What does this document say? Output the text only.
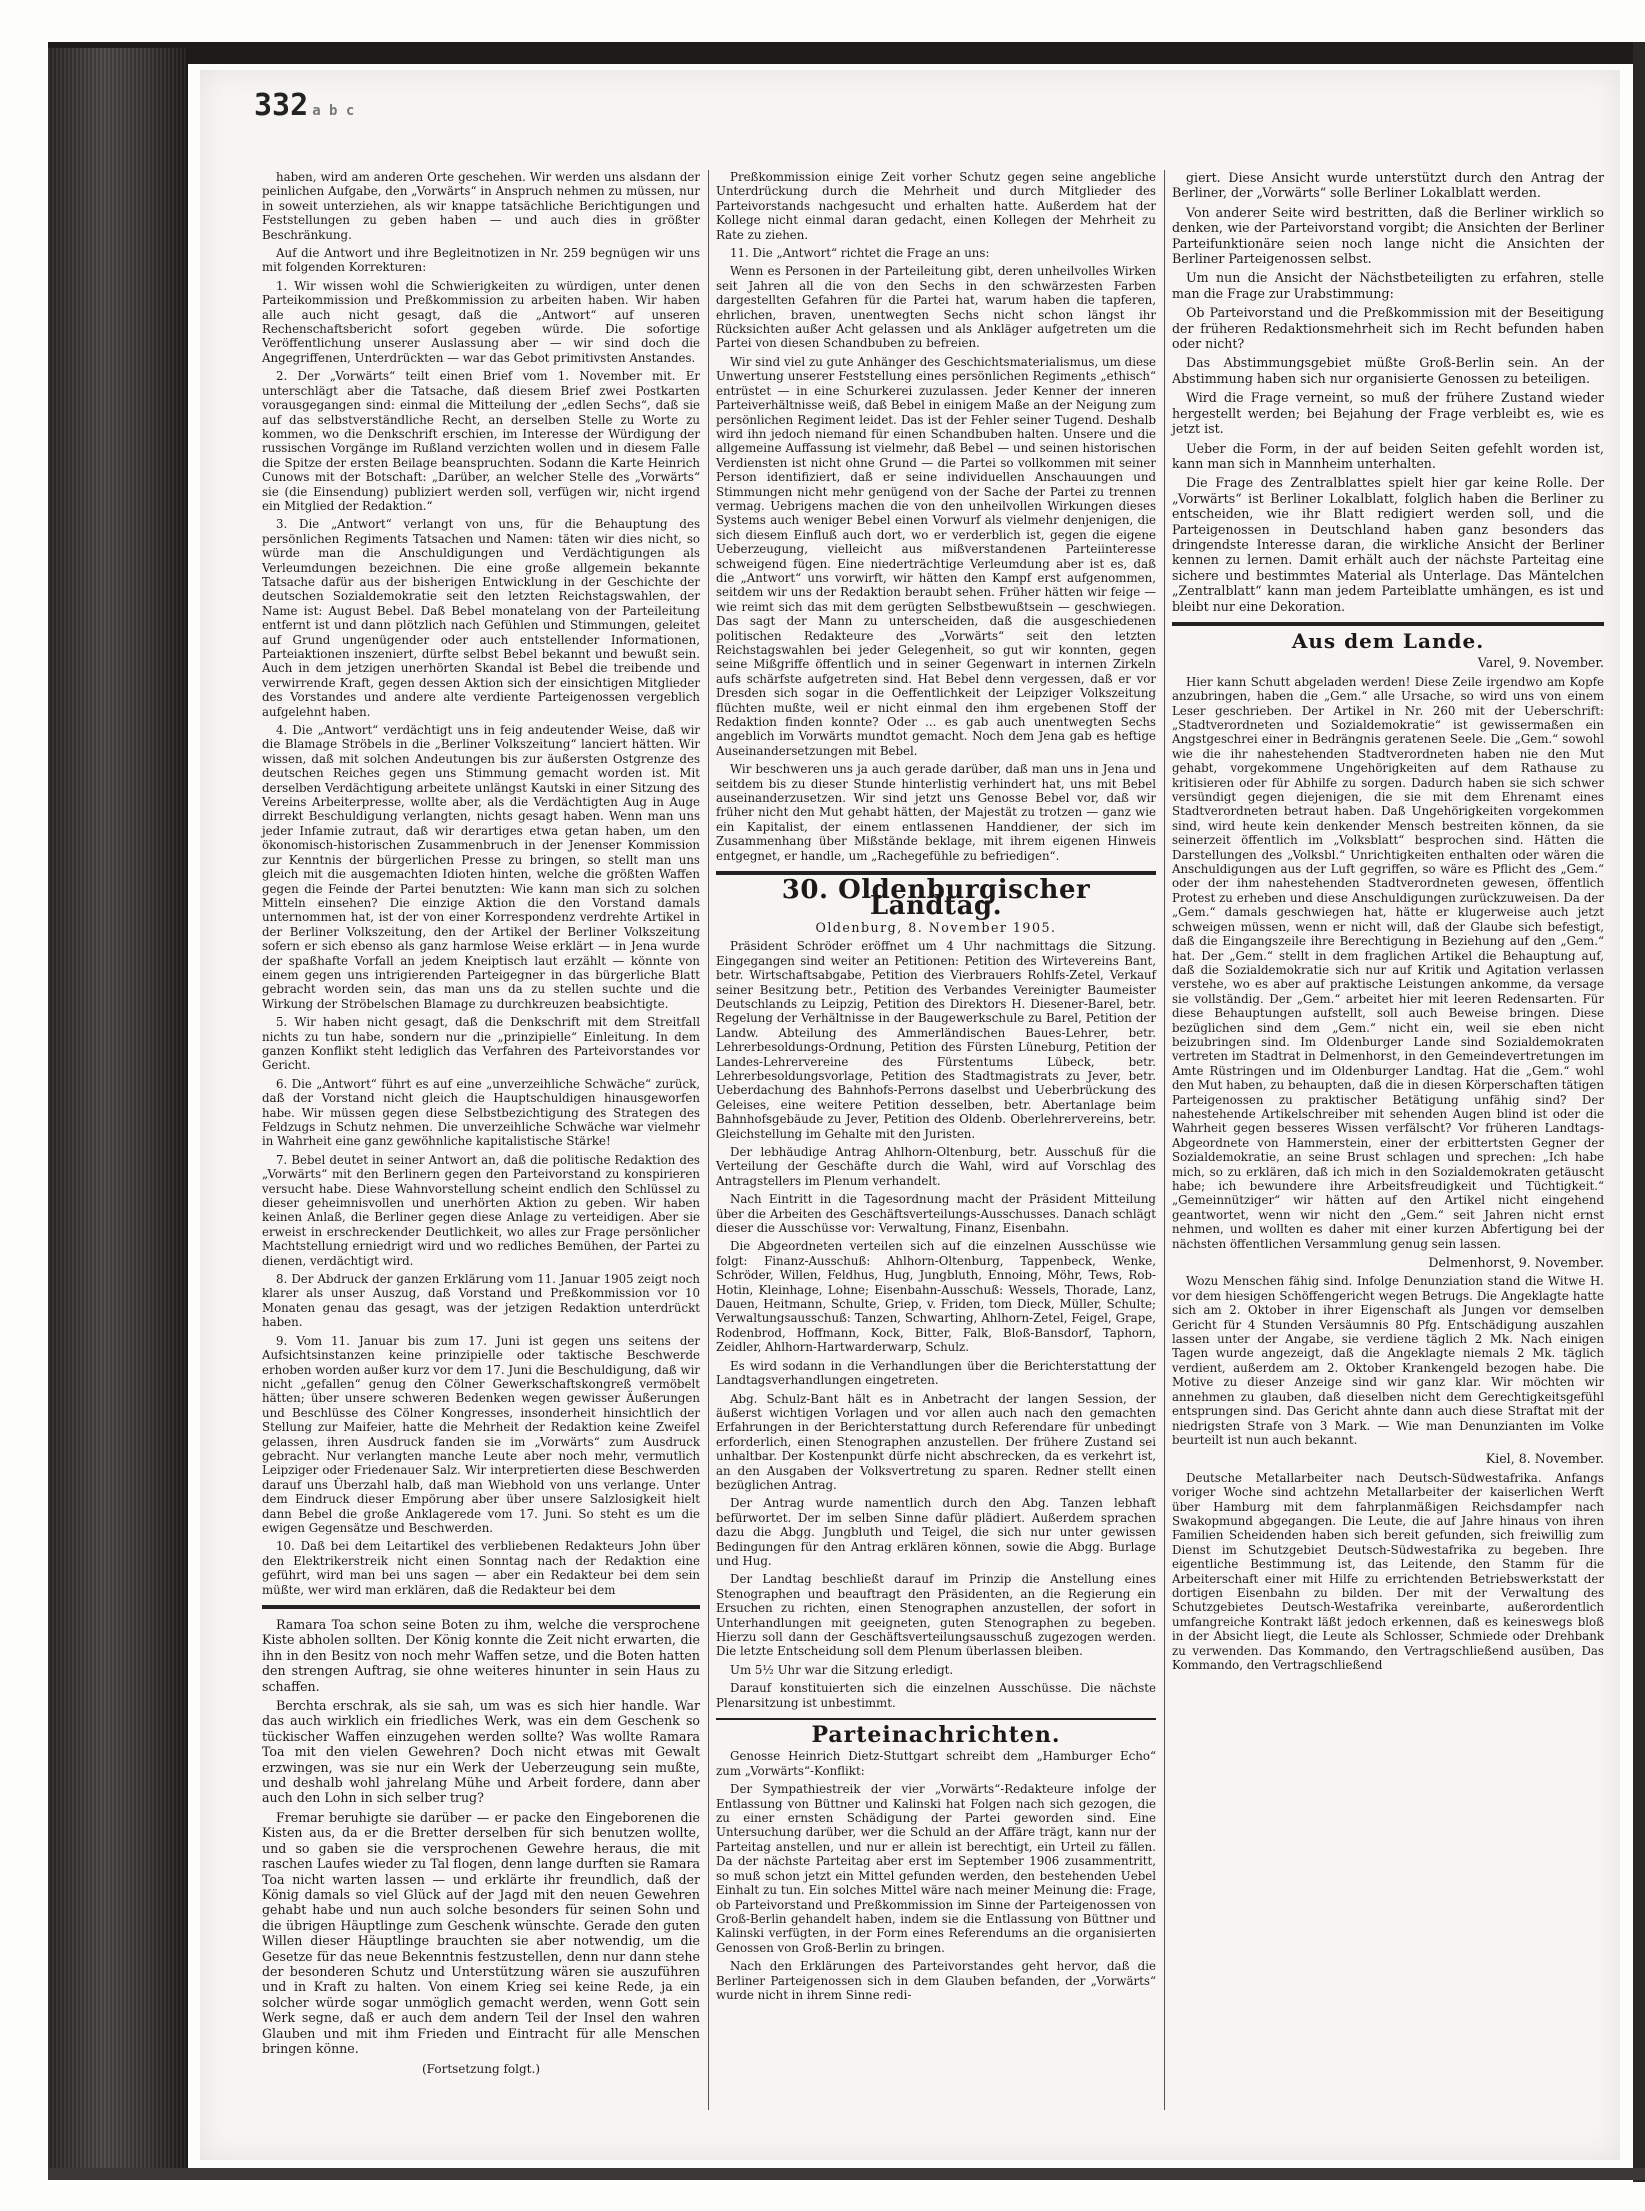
332 a b c

haben, wird am anderen Orte geschehen. Wir werden uns alsdann der peinlichen Aufgabe, den „Vorwärts“ in Anspruch nehmen zu müssen, nur in soweit unterziehen, als wir knappe tatsächliche Berichtigungen und Feststellungen zu geben haben — und auch dies in größter Beschränkung.

Auf die Antwort und ihre Begleitnotizen in Nr. 259 begnügen wir uns mit folgenden Korrekturen:

1. Wir wissen wohl die Schwierigkeiten zu würdigen, unter denen Parteikommission und Preßkommission zu arbeiten haben. Wir haben alle auch nicht gesagt, daß die „Antwort“ auf unseren Rechenschaftsbericht sofort gegeben würde. Die sofortige Veröffentlichung unserer Auslassung aber — wir sind doch die Angegriffenen, Unterdrückten — war das Gebot primitivsten Anstandes.

2. Der „Vorwärts“ teilt einen Brief vom 1. November mit. Er unterschlägt aber die Tatsache, daß diesem Brief zwei Postkarten vorausgegangen sind: einmal die Mitteilung der „edlen Sechs“, daß sie auf das selbstverständliche Recht, an derselben Stelle zu Worte zu kommen, wo die Denkschrift erschien, im Interesse der Würdigung der russischen Vorgänge im Rußland verzichten wollen und in diesem Falle die Spitze der ersten Beilage beanspruchten. Sodann die Karte Heinrich Cunows mit der Botschaft: „Darüber, an welcher Stelle des „Vorwärts“ sie (die Einsendung) publiziert werden soll, verfügen wir, nicht irgend ein Mitglied der Redaktion.“

3. Die „Antwort“ verlangt von uns, für die Behauptung des persönlichen Regiments Tatsachen und Namen: täten wir dies nicht, so würde man die Anschuldigungen und Verdächtigungen als Verleumdungen bezeichnen. Die eine große allgemein bekannte Tatsache dafür aus der bisherigen Entwicklung in der Geschichte der deutschen Sozialdemokratie seit den letzten Reichstagswahlen, der Name ist: August Bebel. Daß Bebel monatelang von der Parteileitung entfernt ist und dann plötzlich nach Gefühlen und Stimmungen, geleitet auf Grund ungenügender oder auch entstellender Informationen, Parteiaktionen inszeniert, dürfte selbst Bebel bekannt und bewußt sein. Auch in dem jetzigen unerhörten Skandal ist Bebel die treibende und verwirrende Kraft, gegen dessen Aktion sich der einsichtigen Mitglieder des Vorstandes und andere alte verdiente Parteigenossen vergeblich aufgelehnt haben.

4. Die „Antwort“ verdächtigt uns in feig andeutender Weise, daß wir die Blamage Ströbels in die „Berliner Volkszeitung“ lanciert hätten. Wir wissen, daß mit solchen Andeutungen bis zur äußersten Ostgrenze des deutschen Reiches gegen uns Stimmung gemacht worden ist. Mit derselben Verdächtigung arbeitete unlängst Kautski in einer Sitzung des Vereins Arbeiterpresse, wollte aber, als die Verdächtigten Aug in Auge dirrekt Beschuldigung verlangten, nichts gesagt haben. Wenn man uns jeder Infamie zutraut, daß wir derartiges etwa getan haben, um den ökonomisch-historischen Zusammenbruch in der Jenenser Kommission zur Kenntnis der bürgerlichen Presse zu bringen, so stellt man uns gleich mit die ausgemachten Idioten hinten, welche die größten Waffen gegen die Feinde der Partei benutzten: Wie kann man sich zu solchen Mitteln einsehen? Die einzige Aktion die den Vorstand damals unternommen hat, ist der von einer Korrespondenz verdrehte Artikel in der Berliner Volkszeitung, den der Artikel der Berliner Volkszeitung sofern er sich ebenso als ganz harmlose Weise erklärt — in Jena wurde der spaßhafte Vorfall an jedem Kneiptisch laut erzählt — könnte von einem gegen uns intrigierenden Parteigegner in das bürgerliche Blatt gebracht worden sein, das man uns da zu stellen suchte und die Wirkung der Ströbelschen Blamage zu durchkreuzen beabsichtigte.

5. Wir haben nicht gesagt, daß die Denkschrift mit dem Streitfall nichts zu tun habe, sondern nur die „prinzipielle“ Einleitung. In dem ganzen Konflikt steht lediglich das Verfahren des Parteivorstandes vor Gericht.

6. Die „Antwort“ führt es auf eine „unverzeihliche Schwäche“ zurück, daß der Vorstand nicht gleich die Hauptschuldigen hinausgeworfen habe. Wir müssen gegen diese Selbstbezichtigung des Strategen des Feldzugs in Schutz nehmen. Die unverzeihliche Schwäche war vielmehr in Wahrheit eine ganz gewöhnliche kapitalistische Stärke!

7. Bebel deutet in seiner Antwort an, daß die politische Redaktion des „Vorwärts“ mit den Berlinern gegen den Parteivorstand zu konspirieren versucht habe. Diese Wahnvorstellung scheint endlich den Schlüssel zu dieser geheimnisvollen und unerhörten Aktion zu geben. Wir haben keinen Anlaß, die Berliner gegen diese Anlage zu verteidigen. Aber sie erweist in erschreckender Deutlichkeit, wo alles zur Frage persönlicher Machtstellung erniedrigt wird und wo redliches Bemühen, der Partei zu dienen, verdächtigt wird.

8. Der Abdruck der ganzen Erklärung vom 11. Januar 1905 zeigt noch klarer als unser Auszug, daß Vorstand und Preßkommission vor 10 Monaten genau das gesagt, was der jetzigen Redaktion unterdrückt haben.

9. Vom 11. Januar bis zum 17. Juni ist gegen uns seitens der Aufsichtsinstanzen keine prinzipielle oder taktische Beschwerde erhoben worden außer kurz vor dem 17. Juni die Beschuldigung, daß wir nicht „gefallen“ genug den Cölner Gewerkschaftskongreß vermöbelt hätten; über unsere schweren Bedenken wegen gewisser Äußerungen und Beschlüsse des Cölner Kongresses, insonderheit hinsichtlich der Stellung zur Maifeier, hatte die Mehrheit der Redaktion keine Zweifel gelassen, ihren Ausdruck fanden sie im „Vorwärts“ zum Ausdruck gebracht. Nur verlangten manche Leute aber noch mehr, vermutlich Leipziger oder Friedenauer Salz. Wir interpretierten diese Beschwerden darauf uns Überzahl halb, daß man Wiebhold von uns verlange. Unter dem Eindruck dieser Empörung aber über unsere Salzlosigkeit hielt dann Bebel die große Anklagerede vom 17. Juni. So steht es um die ewigen Gegensätze und Beschwerden.

10. Daß bei dem Leitartikel des verbliebenen Redakteurs John über den Elektrikerstreik nicht einen Sonntag nach der Redaktion eine geführt, wird man bei uns sagen — aber ein Redakteur bei dem sein müßte, wer wird man erklären, daß die Redakteur bei dem

Ramara Toa schon seine Boten zu ihm, welche die versprochene Kiste abholen sollten. Der König konnte die Zeit nicht erwarten, die ihn in den Besitz von noch mehr Waffen setze, und die Boten hatten den strengen Auftrag, sie ohne weiteres hinunter in sein Haus zu schaffen.

Berchta erschrak, als sie sah, um was es sich hier handle. War das auch wirklich ein friedliches Werk, was ein dem Geschenk so tückischer Waffen einzugehen werden sollte? Was wollte Ramara Toa mit den vielen Gewehren? Doch nicht etwas mit Gewalt erzwingen, was sie nur ein Werk der Ueberzeugung sein mußte, und deshalb wohl jahrelang Mühe und Arbeit fordere, dann aber auch den Lohn in sich selber trug?

Fremar beruhigte sie darüber — er packe den Eingeborenen die Kisten aus, da er die Bretter derselben für sich benutzen wollte, und so gaben sie die versprochenen Gewehre heraus, die mit raschen Laufes wieder zu Tal flogen, denn lange durften sie Ramara Toa nicht warten lassen — und erklärte ihr freundlich, daß der König damals so viel Glück auf der Jagd mit den neuen Gewehren gehabt habe und nun auch solche besonders für seinen Sohn und die übrigen Häuptlinge zum Geschenk wünschte. Gerade den guten Willen dieser Häuptlinge brauchten sie aber notwendig, um die Gesetze für das neue Bekenntnis festzustellen, denn nur dann stehe der besonderen Schutz und Unterstützung wären sie auszuführen und in Kraft zu halten. Von einem Krieg sei keine Rede, ja ein solcher würde sogar unmöglich gemacht werden, wenn Gott sein Werk segne, daß er auch dem andern Teil der Insel den wahren Glauben und mit ihm Frieden und Eintracht für alle Menschen bringen könne.

(Fortsetzung folgt.)

Preßkommission einige Zeit vorher Schutz gegen seine angebliche Unterdrückung durch die Mehrheit und durch Mitglieder des Parteivorstands nachgesucht und erhalten hatte. Außerdem hat der Kollege nicht einmal daran gedacht, einen Kollegen der Mehrheit zu Rate zu ziehen.

11. Die „Antwort“ richtet die Frage an uns:

Wenn es Personen in der Parteileitung gibt, deren unheilvolles Wirken seit Jahren all die von den Sechs in den schwärzesten Farben dargestellten Gefahren für die Partei hat, warum haben die tapferen, ehrlichen, braven, unentwegten Sechs nicht schon längst ihr Rücksichten außer Acht gelassen und als Ankläger aufgetreten um die Partei von diesen Schandbuben zu befreien.

Wir sind viel zu gute Anhänger des Geschichtsmaterialismus, um diese Unwertung unserer Feststellung eines persönlichen Regiments „ethisch“ entrüstet — in eine Schurkerei zuzulassen. Jeder Kenner der inneren Parteiverhältnisse weiß, daß Bebel in einigem Maße an der Neigung zum persönlichen Regiment leidet. Das ist der Fehler seiner Tugend. Deshalb wird ihn jedoch niemand für einen Schandbuben halten. Unsere und die allgemeine Auffassung ist vielmehr, daß Bebel — und seinen historischen Verdiensten ist nicht ohne Grund — die Partei so vollkommen mit seiner Person identifiziert, daß er seine individuellen Anschauungen und Stimmungen nicht mehr genügend von der Sache der Partei zu trennen vermag. Uebrigens machen die von den unheilvollen Wirkungen dieses Systems auch weniger Bebel einen Vorwurf als vielmehr denjenigen, die sich diesem Einfluß auch dort, wo er verderblich ist, gegen die eigene Ueberzeugung, vielleicht aus mißverstandenen Parteiinteresse schweigend fügen. Eine niederträchtige Verleumdung aber ist es, daß die „Antwort“ uns vorwirft, wir hätten den Kampf erst aufgenommen, seitdem wir uns der Redaktion beraubt sehen. Früher hätten wir feige — wie reimt sich das mit dem gerügten Selbstbewußtsein — geschwiegen. Das sagt der Mann zu unterscheiden, daß die ausgeschiedenen politischen Redakteure des „Vorwärts“ seit den letzten Reichstagswahlen bei jeder Gelegenheit, so gut wir konnten, gegen seine Mißgriffe öffentlich und in seiner Gegenwart in internen Zirkeln aufs schärfste aufgetreten sind. Hat Bebel denn vergessen, daß er vor Dresden sich sogar in die Oeffentlichkeit der Leipziger Volkszeitung flüchten mußte, weil er nicht einmal den ihm ergebenen Stoff der Redaktion finden konnte? Oder ... es gab auch unentwegten Sechs angeblich im Vorwärts mundtot gemacht. Noch dem Jena gab es heftige Auseinandersetzungen mit Bebel.

Wir beschweren uns ja auch gerade darüber, daß man uns in Jena und seitdem bis zu dieser Stunde hinterlistig verhindert hat, uns mit Bebel auseinanderzusetzen. Wir sind jetzt uns Genosse Bebel vor, daß wir früher nicht den Mut gehabt hätten, der Majestät zu trotzen — ganz wie ein Kapitalist, der einem entlassenen Handdiener, der sich im Zusammenhang über Mißstände beklage, mit ihrem eigenen Hinweis entgegnet, er handle, um „Rachegefühle zu befriedigen“.

30. Oldenburgischer Landtag.
Oldenburg, 8. November 1905.

Präsident Schröder eröffnet um 4 Uhr nachmittags die Sitzung. Eingegangen sind weiter an Petitionen: Petition des Wirtevereins Bant, betr. Wirtschaftsabgabe, Petition des Vierbrauers Rohlfs-Zetel, Verkauf seiner Besitzung betr., Petition des Verbandes Vereinigter Baumeister Deutschlands zu Leipzig, Petition des Direktors H. Diesener-Barel, betr. Regelung der Verhältnisse in der Baugewerkschule zu Barel, Petition der Landw. Abteilung des Ammerländischen Baues-Lehrer, betr. Lehrerbesoldungs-Ordnung, Petition des Fürsten Lüneburg, Petition der Landes-Lehrervereine des Fürstentums Lübeck, betr. Lehrerbesoldungsvorlage, Petition des Stadtmagistrats zu Jever, betr. Ueberdachung des Bahnhofs-Perrons daselbst und Ueberbrückung des Geleises, eine weitere Petition desselben, betr. Abertanlage beim Bahnhofsgebäude zu Jever, Petition des Oldenb. Oberlehrervereins, betr. Gleichstellung im Gehalte mit den Juristen.

Der lebhäudige Antrag Ahlhorn-Oltenburg, betr. Ausschuß für die Verteilung der Geschäfte durch die Wahl, wird auf Vorschlag des Antragstellers im Plenum verhandelt.

Nach Eintritt in die Tagesordnung macht der Präsident Mitteilung über die Arbeiten des Geschäftsverteilungs-Ausschusses. Danach schlägt dieser die Ausschüsse vor: Verwaltung, Finanz, Eisenbahn.

Die Abgeordneten verteilen sich auf die einzelnen Ausschüsse wie folgt: Finanz-Ausschuß: Ahlhorn-Oltenburg, Tappenbeck, Wenke, Schröder, Willen, Feldhus, Hug, Jungbluth, Ennoing, Möhr, Tews, Rob-Hotin, Kleinhage, Lohne; Eisenbahn-Ausschuß: Wessels, Thorade, Lanz, Dauen, Heitmann, Schulte, Griep, v. Friden, tom Dieck, Müller, Schulte; Verwaltungsausschuß: Tanzen, Schwarting, Ahlhorn-Zetel, Feigel, Grape, Rodenbrod, Hoffmann, Kock, Bitter, Falk, Bloß-Bansdorf, Taphorn, Zeidler, Ahlhorn-Hartwarderwarp, Schulz.

Es wird sodann in die Verhandlungen über die Berichterstattung der Landtagsverhandlungen eingetreten.

Abg. Schulz-Bant hält es in Anbetracht der langen Session, der äußerst wichtigen Vorlagen und vor allen auch nach den gemachten Erfahrungen in der Berichterstattung durch Referendare für unbedingt erforderlich, einen Stenographen anzustellen. Der frühere Zustand sei unhaltbar. Der Kostenpunkt dürfe nicht abschrecken, da es verkehrt ist, an den Ausgaben der Volksvertretung zu sparen. Redner stellt einen bezüglichen Antrag.

Der Antrag wurde namentlich durch den Abg. Tanzen lebhaft befürwortet. Der im selben Sinne dafür plädiert. Außerdem sprachen dazu die Abgg. Jungbluth und Teigel, die sich nur unter gewissen Bedingungen für den Antrag erklären können, sowie die Abgg. Burlage und Hug.

Der Landtag beschließt darauf im Prinzip die Anstellung eines Stenographen und beauftragt den Präsidenten, an die Regierung ein Ersuchen zu richten, einen Stenographen anzustellen, der sofort in Unterhandlungen mit geeigneten, guten Stenographen zu begeben. Hierzu soll dann der Geschäftsverteilungsausschuß zugezogen werden. Die letzte Entscheidung soll dem Plenum überlassen bleiben.

Um 5½ Uhr war die Sitzung erledigt.

Darauf konstituierten sich die einzelnen Ausschüsse. Die nächste Plenarsitzung ist unbestimmt.

Parteinachrichten.

Genosse Heinrich Dietz-Stuttgart schreibt dem „Hamburger Echo“ zum „Vorwärts“-Konflikt:

Der Sympathiestreik der vier „Vorwärts“-Redakteure infolge der Entlassung von Büttner und Kalinski hat Folgen nach sich gezogen, die zu einer ernsten Schädigung der Partei geworden sind. Eine Untersuchung darüber, wer die Schuld an der Affäre trägt, kann nur der Parteitag anstellen, und nur er allein ist berechtigt, ein Urteil zu fällen. Da der nächste Parteitag aber erst im September 1906 zusammentritt, so muß schon jetzt ein Mittel gefunden werden, den bestehenden Uebel Einhalt zu tun. Ein solches Mittel wäre nach meiner Meinung die: Frage, ob Parteivorstand und Preßkommission im Sinne der Parteigenossen von Groß-Berlin gehandelt haben, indem sie die Entlassung von Büttner und Kalinski verfügten, in der Form eines Referendums an die organisierten Genossen von Groß-Berlin zu bringen.

Nach den Erklärungen des Parteivorstandes geht hervor, daß die Berliner Parteigenossen sich in dem Glauben befanden, der „Vorwärts“ wurde nicht in ihrem Sinne redi-

giert. Diese Ansicht wurde unterstützt durch den Antrag der Berliner, der „Vorwärts“ solle Berliner Lokalblatt werden.

Von anderer Seite wird bestritten, daß die Berliner wirklich so denken, wie der Parteivorstand vorgibt; die Ansichten der Berliner Parteifunktionäre seien noch lange nicht die Ansichten der Berliner Parteigenossen selbst.

Um nun die Ansicht der Nächstbeteiligten zu erfahren, stelle man die Frage zur Urabstimmung:

Ob Parteivorstand und die Preßkommission mit der Beseitigung der früheren Redaktionsmehrheit sich im Recht befunden haben oder nicht?

Das Abstimmungsgebiet müßte Groß-Berlin sein. An der Abstimmung haben sich nur organisierte Genossen zu beteiligen.

Wird die Frage verneint, so muß der frühere Zustand wieder hergestellt werden; bei Bejahung der Frage verbleibt es, wie es jetzt ist.

Ueber die Form, in der auf beiden Seiten gefehlt worden ist, kann man sich in Mannheim unterhalten.

Die Frage des Zentralblattes spielt hier gar keine Rolle. Der „Vorwärts“ ist Berliner Lokalblatt, folglich haben die Berliner zu entscheiden, wie ihr Blatt redigiert werden soll, und die Parteigenossen in Deutschland haben ganz besonders das dringendste Interesse daran, die wirkliche Ansicht der Berliner kennen zu lernen. Damit erhält auch der nächste Parteitag eine sichere und bestimmtes Material als Unterlage. Das Mäntelchen „Zentralblatt“ kann man jedem Parteiblatte umhängen, es ist und bleibt nur eine Dekoration.

Aus dem Lande.
Varel, 9. November.

Hier kann Schutt abgeladen werden! Diese Zeile irgendwo am Kopfe anzubringen, haben die „Gem.“ alle Ursache, so wird uns von einem Leser geschrieben. Der Artikel in Nr. 260 mit der Ueberschrift: „Stadtverordneten und Sozialdemokratie“ ist gewissermaßen ein Angstgeschrei einer in Bedrängnis geratenen Seele. Die „Gem.“ sowohl wie die ihr nahestehenden Stadtverordneten haben nie den Mut gehabt, vorgekommene Ungehörigkeiten auf dem Rathause zu kritisieren oder für Abhilfe zu sorgen. Dadurch haben sie sich schwer versündigt gegen diejenigen, die sie mit dem Ehrenamt eines Stadtverordneten betraut haben. Daß Ungehörigkeiten vorgekommen sind, wird heute kein denkender Mensch bestreiten können, da sie seinerzeit öffentlich im „Volksblatt“ besprochen sind. Hätten die Darstellungen des „Volksbl.“ Unrichtigkeiten enthalten oder wären die Anschuldigungen aus der Luft gegriffen, so wäre es Pflicht des „Gem.“ oder der ihm nahestehenden Stadtverordneten gewesen, öffentlich Protest zu erheben und diese Anschuldigungen zurückzuweisen. Da der „Gem.“ damals geschwiegen hat, hätte er klugerweise auch jetzt schweigen müssen, wenn er nicht will, daß der Glaube sich befestigt, daß die Eingangszeile ihre Berechtigung in Beziehung auf den „Gem.“ hat. Der „Gem.“ stellt in dem fraglichen Artikel die Behauptung auf, daß die Sozialdemokratie sich nur auf Kritik und Agitation verlassen verstehe, wo es aber auf praktische Leistungen ankomme, da versage sie vollständig. Der „Gem.“ arbeitet hier mit leeren Redensarten. Für diese Behauptungen aufstellt, soll auch Beweise bringen. Diese bezüglichen sind dem „Gem.“ nicht ein, weil sie eben nicht beizubringen sind. Im Oldenburger Lande sind Sozialdemokraten vertreten im Stadtrat in Delmenhorst, in den Gemeindevertretungen im Amte Rüstringen und im Oldenburger Landtag. Hat die „Gem.“ wohl den Mut haben, zu behaupten, daß die in diesen Körperschaften tätigen Parteigenossen zu praktischer Betätigung unfähig sind? Der nahestehende Artikelschreiber mit sehenden Augen blind ist oder die Wahrheit gegen besseres Wissen verfälscht? Vor früheren Landtags-Abgeordnete von Hammerstein, einer der erbittertsten Gegner der Sozialdemokratie, an seine Brust schlagen und sprechen: „Ich habe mich, so zu erklären, daß ich mich in den Sozialdemokraten getäuscht habe; ich bewundere ihre Arbeitsfreudigkeit und Tüchtigkeit.“ „Gemeinnütziger“ wir hätten auf den Artikel nicht eingehend geantwortet, wenn wir nicht den „Gem.“ seit Jahren nicht ernst nehmen, und wollten es daher mit einer kurzen Abfertigung bei der nächsten öffentlichen Versammlung genug sein lassen.

Delmenhorst, 9. November.

Wozu Menschen fähig sind. Infolge Denunziation stand die Witwe H. vor dem hiesigen Schöffengericht wegen Betrugs. Die Angeklagte hatte sich am 2. Oktober in ihrer Eigenschaft als Jungen vor demselben Gericht für 4 Stunden Versäumnis 80 Pfg. Entschädigung auszahlen lassen unter der Angabe, sie verdiene täglich 2 Mk. Nach einigen Tagen wurde angezeigt, daß die Angeklagte niemals 2 Mk. täglich verdient, außerdem am 2. Oktober Krankengeld bezogen habe. Die Motive zu dieser Anzeige sind wir ganz klar. Wir möchten wir annehmen zu glauben, daß dieselben nicht dem Gerechtigkeitsgefühl entsprungen sind. Das Gericht ahnte dann auch diese Straftat mit der niedrigsten Strafe von 3 Mark. — Wie man Denunzianten im Volke beurteilt ist nun auch bekannt.

Kiel, 8. November.

Deutsche Metallarbeiter nach Deutsch-Südwestafrika. Anfangs voriger Woche sind achtzehn Metallarbeiter der kaiserlichen Werft über Hamburg mit dem fahrplanmäßigen Reichsdampfer nach Swakopmund abgegangen. Die Leute, die auf Jahre hinaus von ihren Familien Scheidenden haben sich bereit gefunden, sich freiwillig zum Dienst im Schutzgebiet Deutsch-Südwestafrika zu begeben. Ihre eigentliche Bestimmung ist, das Leitende, den Stamm für die Arbeiterschaft einer mit Hilfe zu errichtenden Betriebswerkstatt der dortigen Eisenbahn zu bilden. Der mit der Verwaltung des Schutzgebietes Deutsch-Westafrika vereinbarte, außerordentlich umfangreiche Kontrakt läßt jedoch erkennen, daß es keineswegs bloß in der Absicht liegt, die Leute als Schlosser, Schmiede oder Drehbank zu verwenden. Das Kommando, den Vertragschließend ausüben, Das Kommando, den Vertragschließend
